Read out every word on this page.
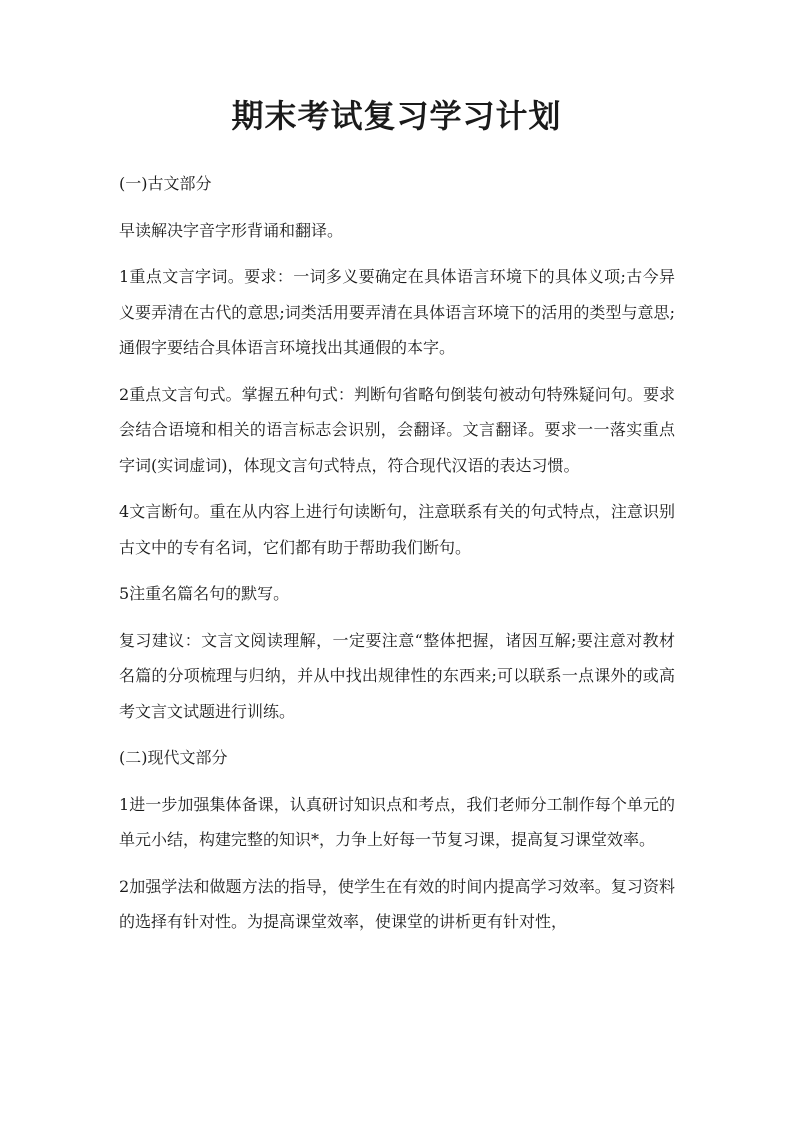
期末考试复习学习计划

(一)古文部分

早读解决字音字形背诵和翻译。

1重点文言字词。要求：一词多义要确定在具体语言环境下的具体义项;古今异义要弄清在古代的意思;词类活用要弄清在具体语言环境下的活用的类型与意思;通假字要结合具体语言环境找出其通假的本字。

2重点文言句式。掌握五种句式：判断句省略句倒装句被动句特殊疑问句。要求会结合语境和相关的语言标志会识别，会翻译。文言翻译。要求一一落实重点字词(实词虚词)，体现文言句式特点，符合现代汉语的表达习惯。

4文言断句。重在从内容上进行句读断句，注意联系有关的句式特点，注意识别古文中的专有名词，它们都有助于帮助我们断句。

5注重名篇名句的默写。

复习建议：文言文阅读理解，一定要注意“整体把握，诸因互解;要注意对教材名篇的分项梳理与归纳，并从中找出规律性的东西来;可以联系一点课外的或高考文言文试题进行训练。

(二)现代文部分

1进一步加强集体备课，认真研讨知识点和考点，我们老师分工制作每个单元的单元小结，构建完整的知识*，力争上好每一节复习课，提高复习课堂效率。

2加强学法和做题方法的指导，使学生在有效的时间内提高学习效率。复习资料的选择有针对性。为提高课堂效率，使课堂的讲析更有针对性，
